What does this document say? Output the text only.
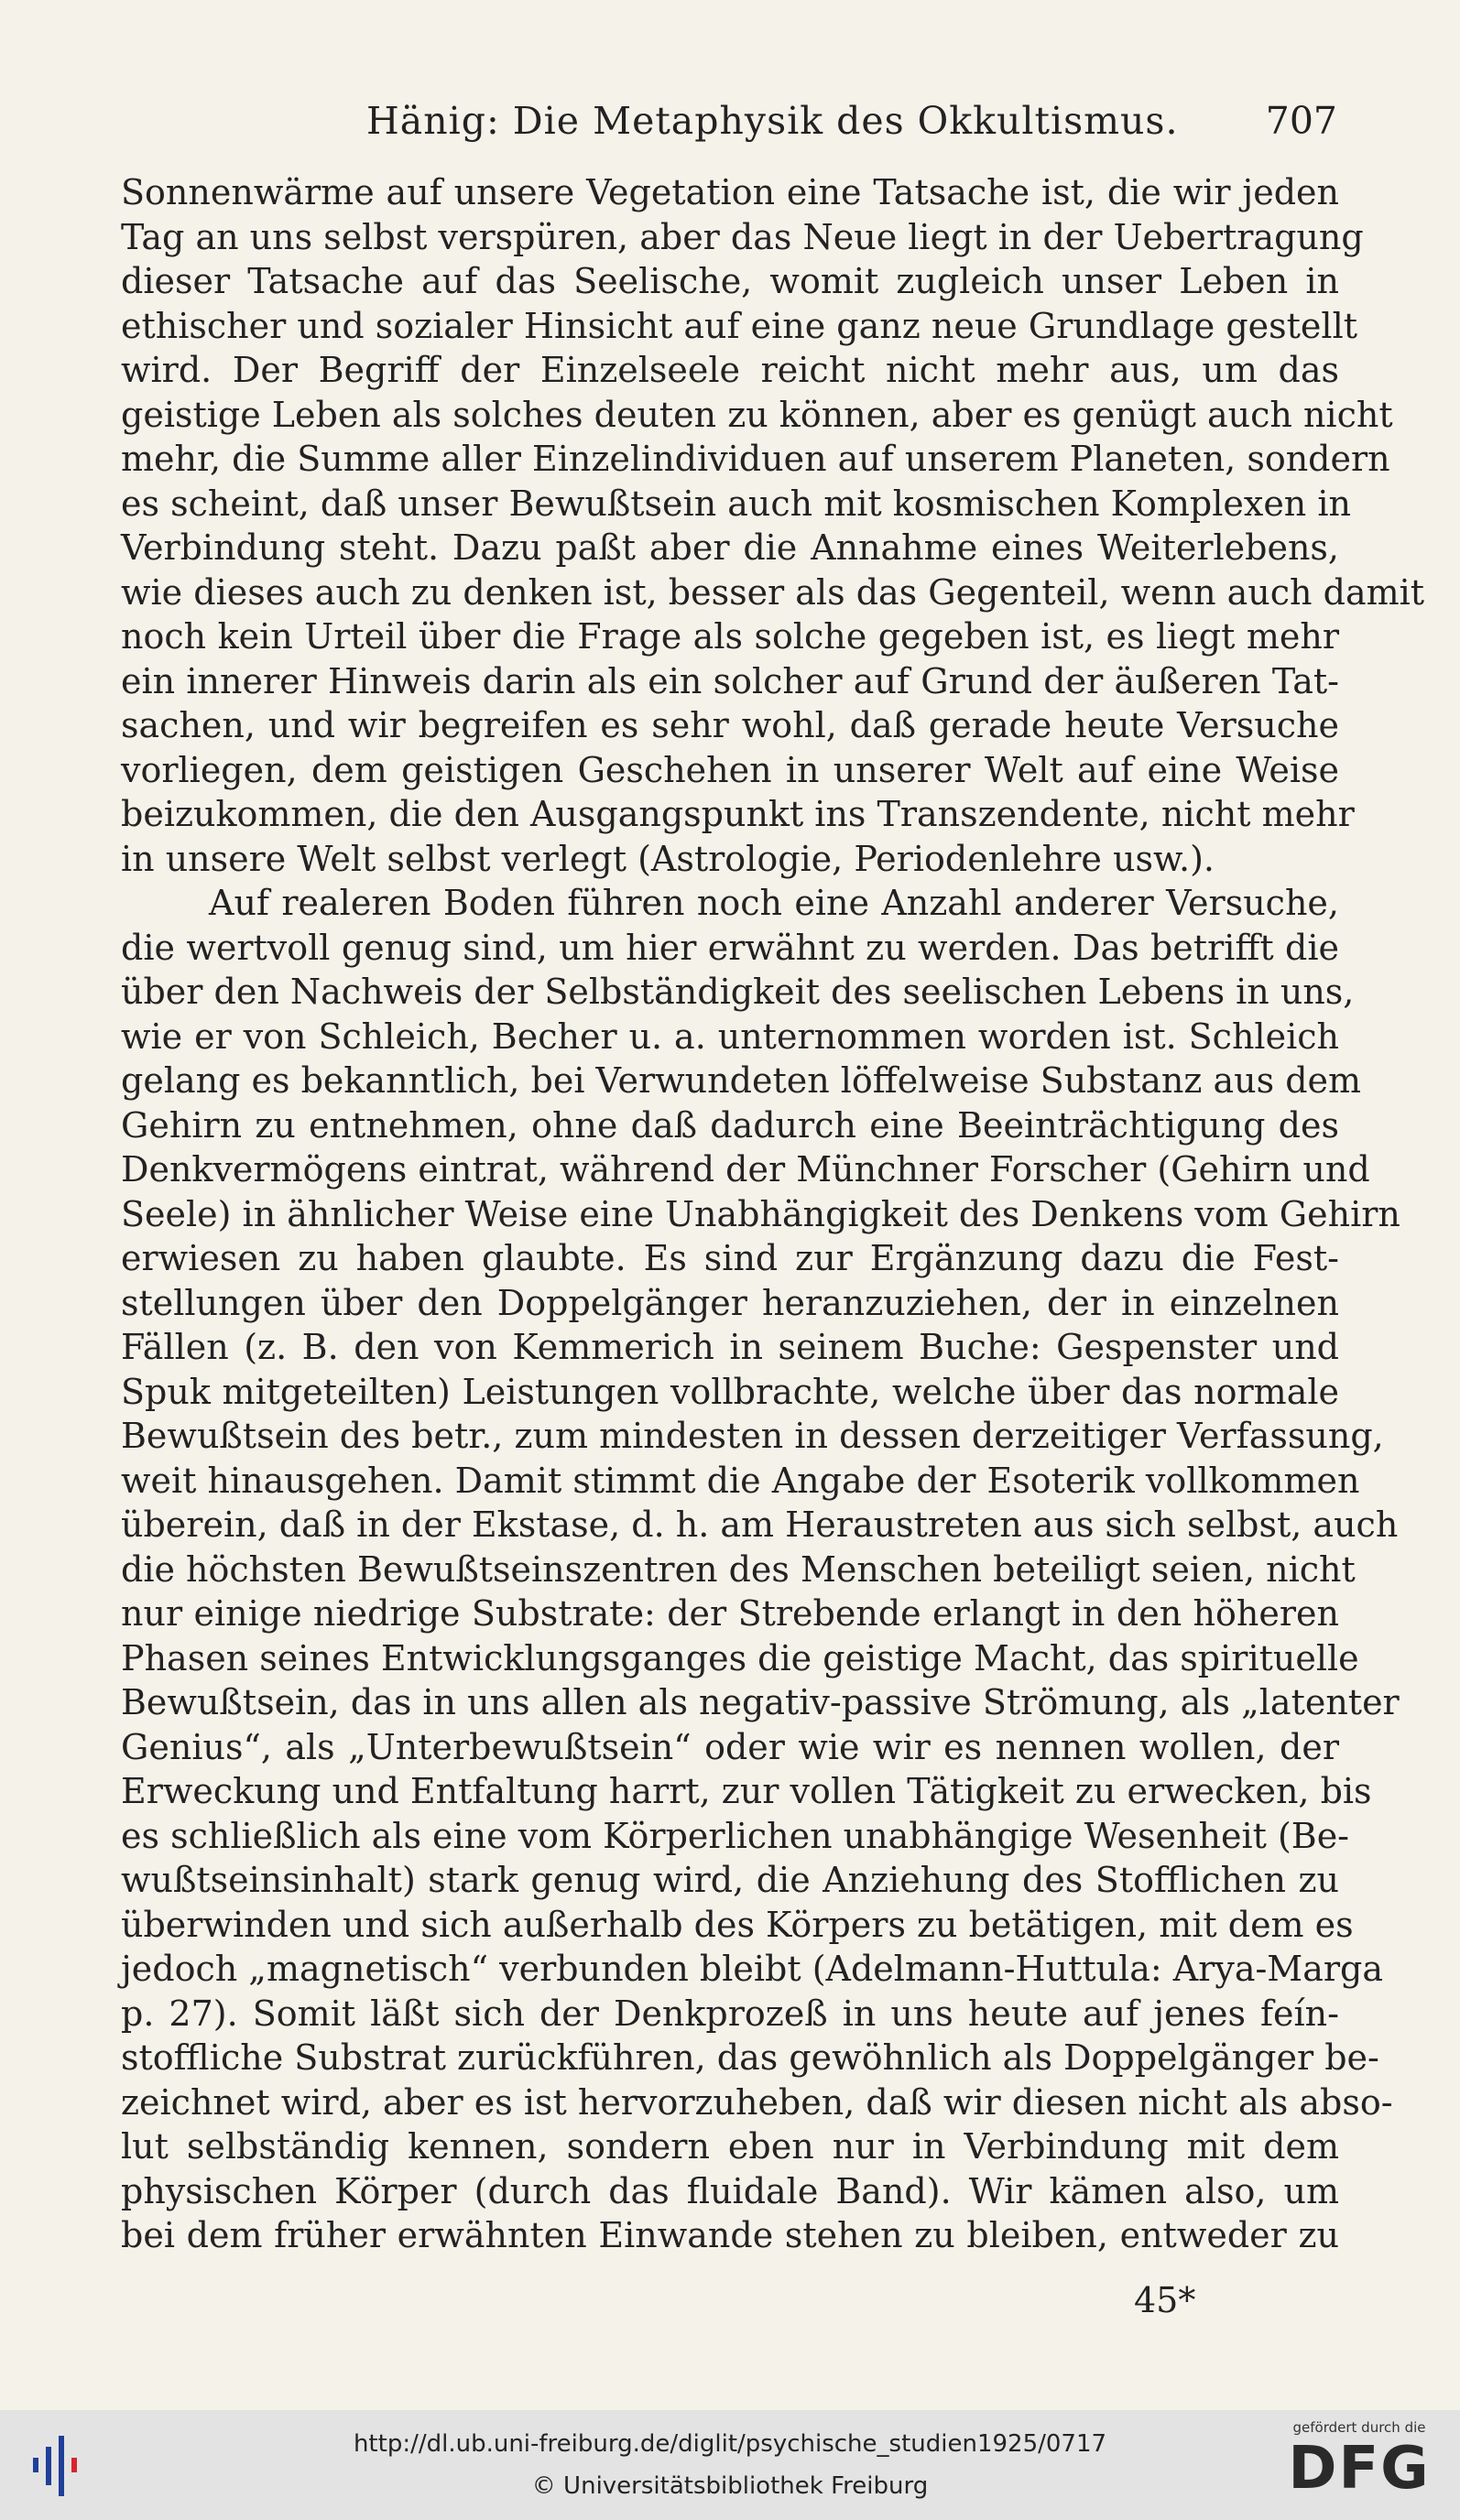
Hänig: Die Metaphysik des Okkultismus. 707
Sonnenwärme auf unsere Vegetation eine Tatsache ist, die wir jeden
Tag an uns selbst verspüren, aber das Neue liegt in der Uebertragung
dieser Tatsache auf das Seelische, womit zugleich unser Leben in
ethischer und sozialer Hinsicht auf eine ganz neue Grundlage gestellt
wird. Der Begriff der Einzelseele reicht nicht mehr aus, um das
geistige Leben als solches deuten zu können, aber es genügt auch nicht
mehr, die Summe aller Einzelindividuen auf unserem Planeten, sondern
es scheint, daß unser Bewußtsein auch mit kosmischen Komplexen in
Verbindung steht. Dazu paßt aber die Annahme eines Weiterlebens,
wie dieses auch zu denken ist, besser als das Gegenteil, wenn auch damit
noch kein Urteil über die Frage als solche gegeben ist, es liegt mehr
ein innerer Hinweis darin als ein solcher auf Grund der äußeren Tat-
sachen, und wir begreifen es sehr wohl, daß gerade heute Versuche
vorliegen, dem geistigen Geschehen in unserer Welt auf eine Weise
beizukommen, die den Ausgangspunkt ins Transzendente, nicht mehr
in unsere Welt selbst verlegt (Astrologie, Periodenlehre usw.).
Auf realeren Boden führen noch eine Anzahl anderer Versuche,
die wertvoll genug sind, um hier erwähnt zu werden. Das betrifft die
über den Nachweis der Selbständigkeit des seelischen Lebens in uns,
wie er von Schleich, Becher u. a. unternommen worden ist. Schleich
gelang es bekanntlich, bei Verwundeten löffelweise Substanz aus dem
Gehirn zu entnehmen, ohne daß dadurch eine Beeinträchtigung des
Denkvermögens eintrat, während der Münchner Forscher (Gehirn und
Seele) in ähnlicher Weise eine Unabhängigkeit des Denkens vom Gehirn
erwiesen zu haben glaubte. Es sind zur Ergänzung dazu die Fest-
stellungen über den Doppelgänger heranzuziehen, der in einzelnen
Fällen (z. B. den von Kemmerich in seinem Buche: Gespenster und
Spuk mitgeteilten) Leistungen vollbrachte, welche über das normale
Bewußtsein des betr., zum mindesten in dessen derzeitiger Verfassung,
weit hinausgehen. Damit stimmt die Angabe der Esoterik vollkommen
überein, daß in der Ekstase, d. h. am Heraustreten aus sich selbst, auch
die höchsten Bewußtseinszentren des Menschen beteiligt seien, nicht
nur einige niedrige Substrate: der Strebende erlangt in den höheren
Phasen seines Entwicklungsganges die geistige Macht, das spirituelle
Bewußtsein, das in uns allen als negativ-passive Strömung, als „latenter
Genius“, als „Unterbewußtsein“ oder wie wir es nennen wollen, der
Erweckung und Entfaltung harrt, zur vollen Tätigkeit zu erwecken, bis
es schließlich als eine vom Körperlichen unabhängige Wesenheit (Be-
wußtseinsinhalt) stark genug wird, die Anziehung des Stofflichen zu
überwinden und sich außerhalb des Körpers zu betätigen, mit dem es
jedoch „magnetisch“ verbunden bleibt (Adelmann-Huttula: Arya-Marga
p. 27). Somit läßt sich der Denkprozeß in uns heute auf jenes feín-
stoffliche Substrat zurückführen, das gewöhnlich als Doppelgänger be-
zeichnet wird, aber es ist hervorzuheben, daß wir diesen nicht als abso-
lut selbständig kennen, sondern eben nur in Verbindung mit dem
physischen Körper (durch das fluidale Band). Wir kämen also, um
bei dem früher erwähnten Einwande stehen zu bleiben, entweder zu
45*
http://dl.ub.uni-freiburg.de/diglit/psychische_studien1925/0717
© Universitätsbibliothek Freiburg
gefördert durch die
DFG
